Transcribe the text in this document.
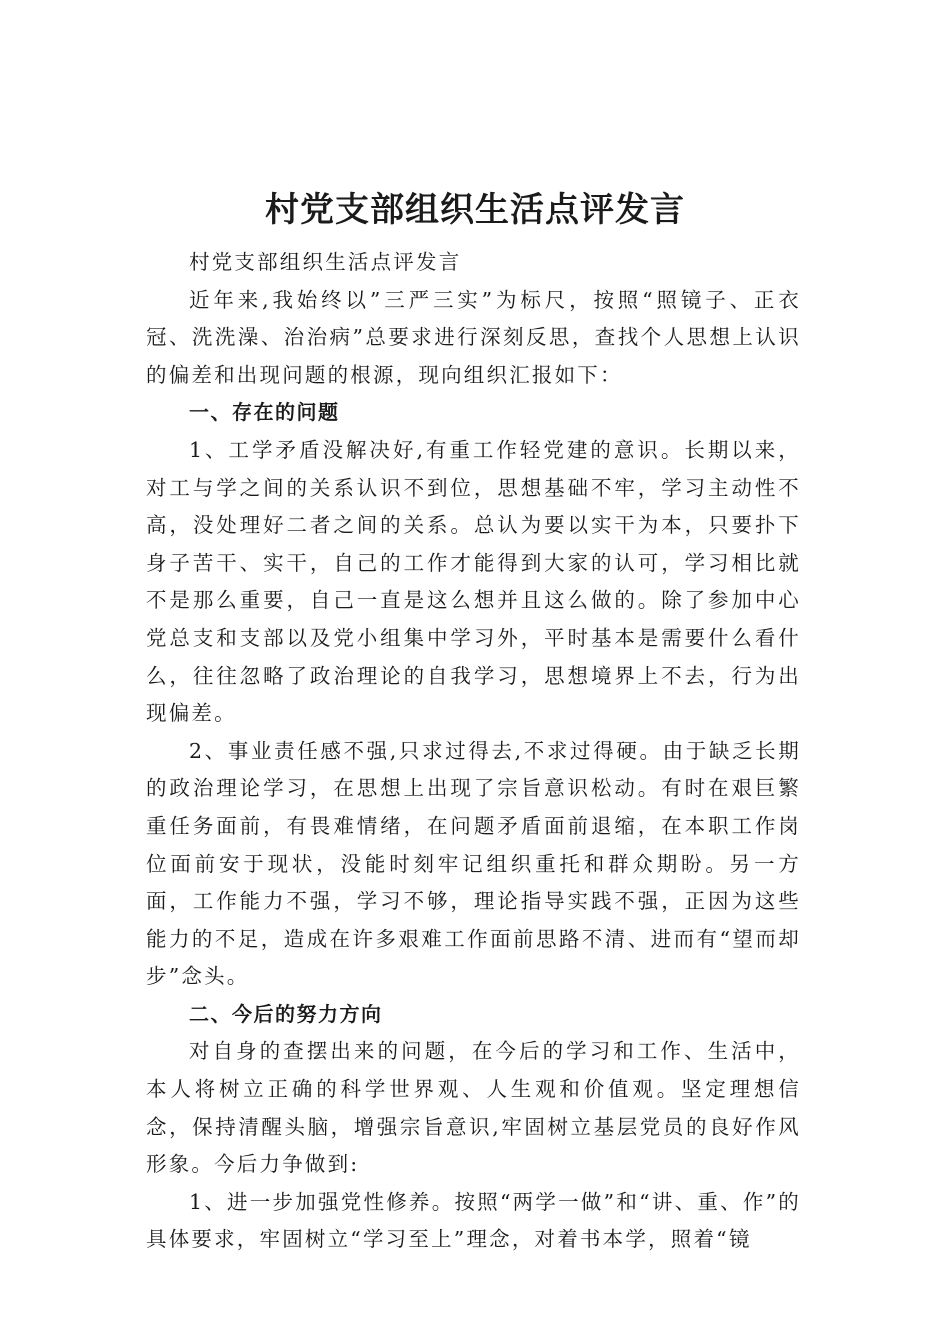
村党支部组织生活点评发言

村党支部组织生活点评发言

近年来,我始终以”三严三实”为标尺，按照“照镜子、正衣冠、洗洗澡、治治病”总要求进行深刻反思，查找个人思想上认识的偏差和出现问题的根源，现向组织汇报如下：

一、存在的问题

1、工学矛盾没解决好,有重工作轻党建的意识。长期以来，对工与学之间的关系认识不到位，思想基础不牢，学习主动性不高，没处理好二者之间的关系。总认为要以实干为本，只要扑下身子苦干、实干，自己的工作才能得到大家的认可，学习相比就不是那么重要，自己一直是这么想并且这么做的。除了参加中心党总支和支部以及党小组集中学习外，平时基本是需要什么看什么，往往忽略了政治理论的自我学习，思想境界上不去，行为出现偏差。

2、事业责任感不强,只求过得去,不求过得硬。由于缺乏长期的政治理论学习，在思想上出现了宗旨意识松动。有时在艰巨繁重任务面前，有畏难情绪，在问题矛盾面前退缩，在本职工作岗位面前安于现状，没能时刻牢记组织重托和群众期盼。另一方面，工作能力不强，学习不够，理论指导实践不强，正因为这些能力的不足，造成在许多艰难工作面前思路不清、进而有“望而却步”念头。

二、今后的努力方向

对自身的查摆出来的问题，在今后的学习和工作、生活中，本人将树立正确的科学世界观、人生观和价值观。坚定理想信念，保持清醒头脑，增强宗旨意识,牢固树立基层党员的良好作风形象。今后力争做到:

1、进一步加强党性修养。按照“两学一做”和“讲、重、作”的具体要求，牢固树立“学习至上”理念，对着书本学，照着“镜
